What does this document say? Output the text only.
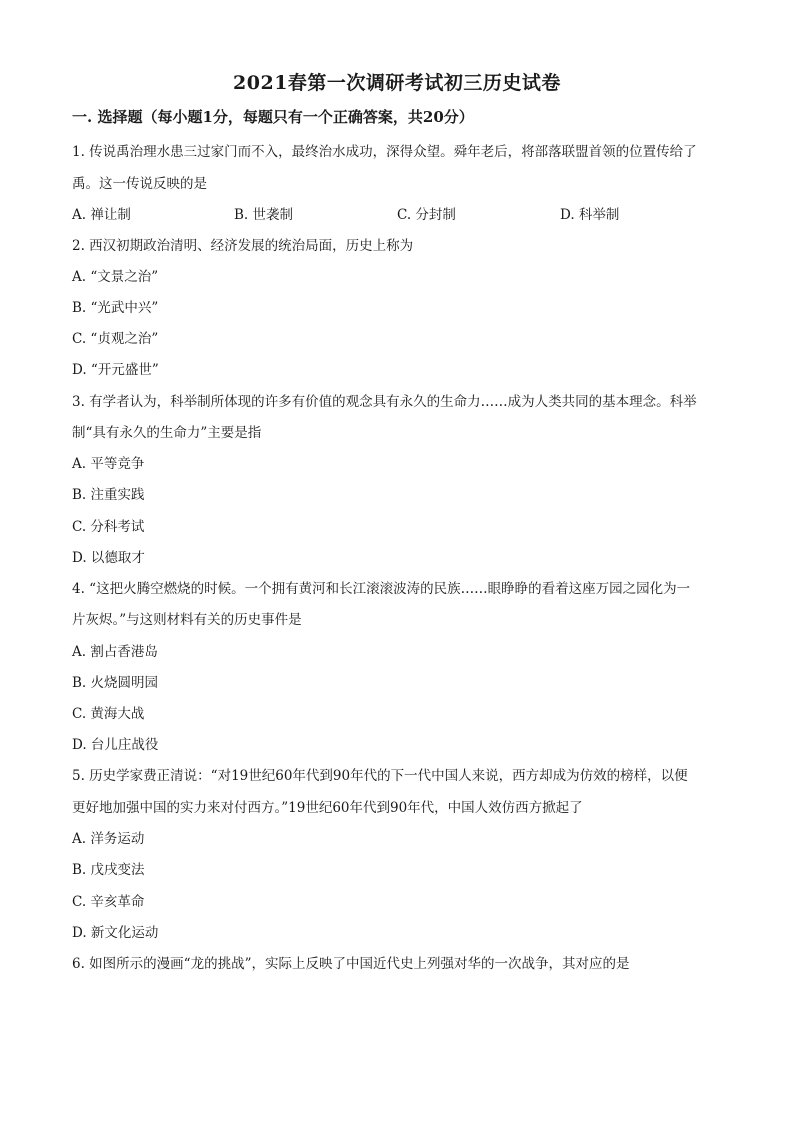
2021春第一次调研考试初三历史试卷
一. 选择题（每小题1分，每题只有一个正确答案，共20分）
1. 传说禹治理水患三过家门而不入，最终治水成功，深得众望。舜年老后，将部落联盟首领的位置传给了
禹。这一传说反映的是
A. 禅让制	B. 世袭制	C. 分封制	D. 科举制
2. 西汉初期政治清明、经济发展的统治局面，历史上称为
A. “文景之治”
B. “光武中兴”
C. “贞观之治”
D. “开元盛世”
3. 有学者认为，科举制所体现的许多有价值的观念具有永久的生命力……成为人类共同的基本理念。科举
制“具有永久的生命力”主要是指
A. 平等竞争
B. 注重实践
C. 分科考试
D. 以德取才
4. “这把火腾空燃烧的时候。一个拥有黄河和长江滚滚波涛的民族……眼睁睁的看着这座万园之园化为一
片灰烬。”与这则材料有关的历史事件是
A. 割占香港岛
B. 火烧圆明园
C. 黄海大战
D. 台儿庄战役
5. 历史学家费正清说：“对19世纪60年代到90年代的下一代中国人来说，西方却成为仿效的榜样，以便
更好地加强中国的实力来对付西方。”19世纪60年代到90年代，中国人效仿西方掀起了
A. 洋务运动
B. 戊戌变法
C. 辛亥革命
D. 新文化运动
6. 如图所示的漫画“龙的挑战”，实际上反映了中国近代史上列强对华的一次战争，其对应的是
